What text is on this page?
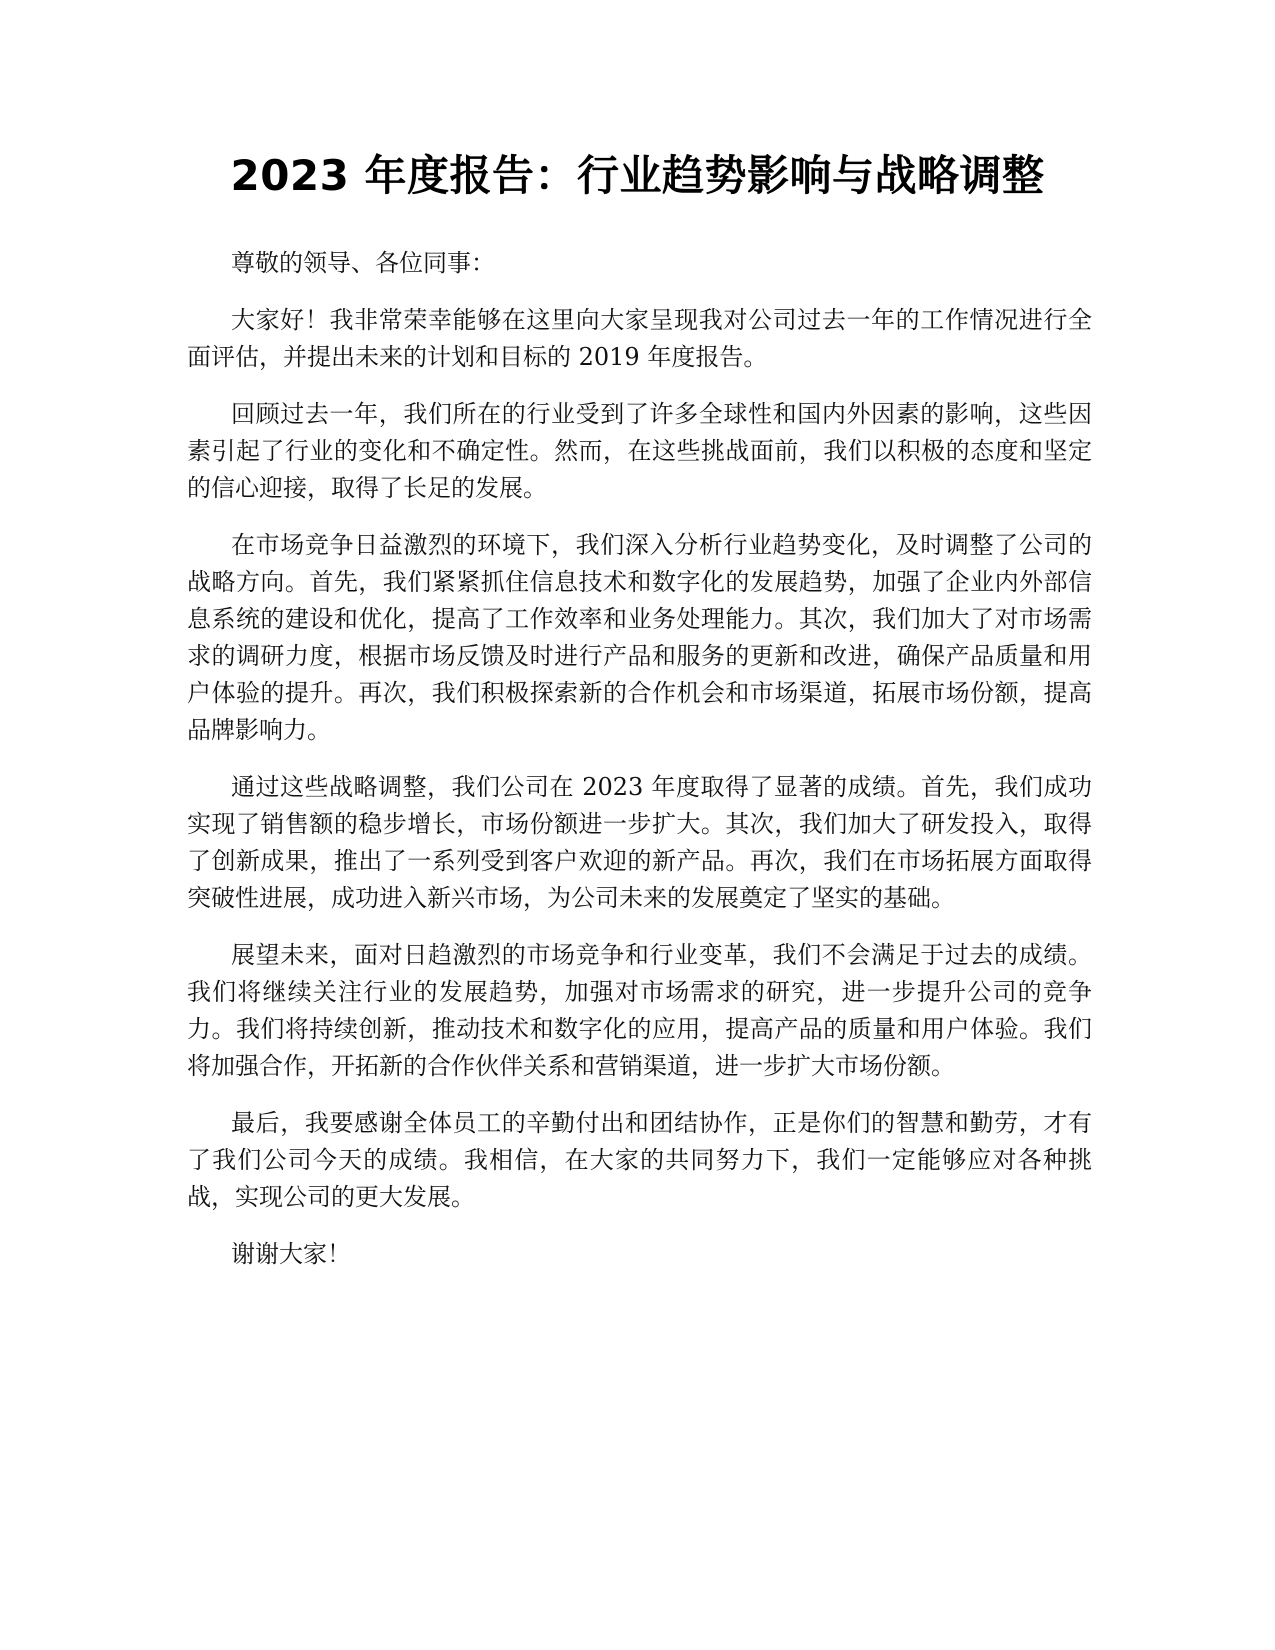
2023 年度报告：行业趋势影响与战略调整

尊敬的领导、各位同事：

大家好！我非常荣幸能够在这里向大家呈现我对公司过去一年的工作情况进行全面评估，并提出未来的计划和目标的 2019 年度报告。

回顾过去一年，我们所在的行业受到了许多全球性和国内外因素的影响，这些因素引起了行业的变化和不确定性。然而，在这些挑战面前，我们以积极的态度和坚定的信心迎接，取得了长足的发展。

在市场竞争日益激烈的环境下，我们深入分析行业趋势变化，及时调整了公司的战略方向。首先，我们紧紧抓住信息技术和数字化的发展趋势，加强了企业内外部信息系统的建设和优化，提高了工作效率和业务处理能力。其次，我们加大了对市场需求的调研力度，根据市场反馈及时进行产品和服务的更新和改进，确保产品质量和用户体验的提升。再次，我们积极探索新的合作机会和市场渠道，拓展市场份额，提高品牌影响力。

通过这些战略调整，我们公司在 2023 年度取得了显著的成绩。首先，我们成功实现了销售额的稳步增长，市场份额进一步扩大。其次，我们加大了研发投入，取得了创新成果，推出了一系列受到客户欢迎的新产品。再次，我们在市场拓展方面取得突破性进展，成功进入新兴市场，为公司未来的发展奠定了坚实的基础。

展望未来，面对日趋激烈的市场竞争和行业变革，我们不会满足于过去的成绩。我们将继续关注行业的发展趋势，加强对市场需求的研究，进一步提升公司的竞争力。我们将持续创新，推动技术和数字化的应用，提高产品的质量和用户体验。我们将加强合作，开拓新的合作伙伴关系和营销渠道，进一步扩大市场份额。

最后，我要感谢全体员工的辛勤付出和团结协作，正是你们的智慧和勤劳，才有了我们公司今天的成绩。我相信，在大家的共同努力下，我们一定能够应对各种挑战，实现公司的更大发展。

谢谢大家！
